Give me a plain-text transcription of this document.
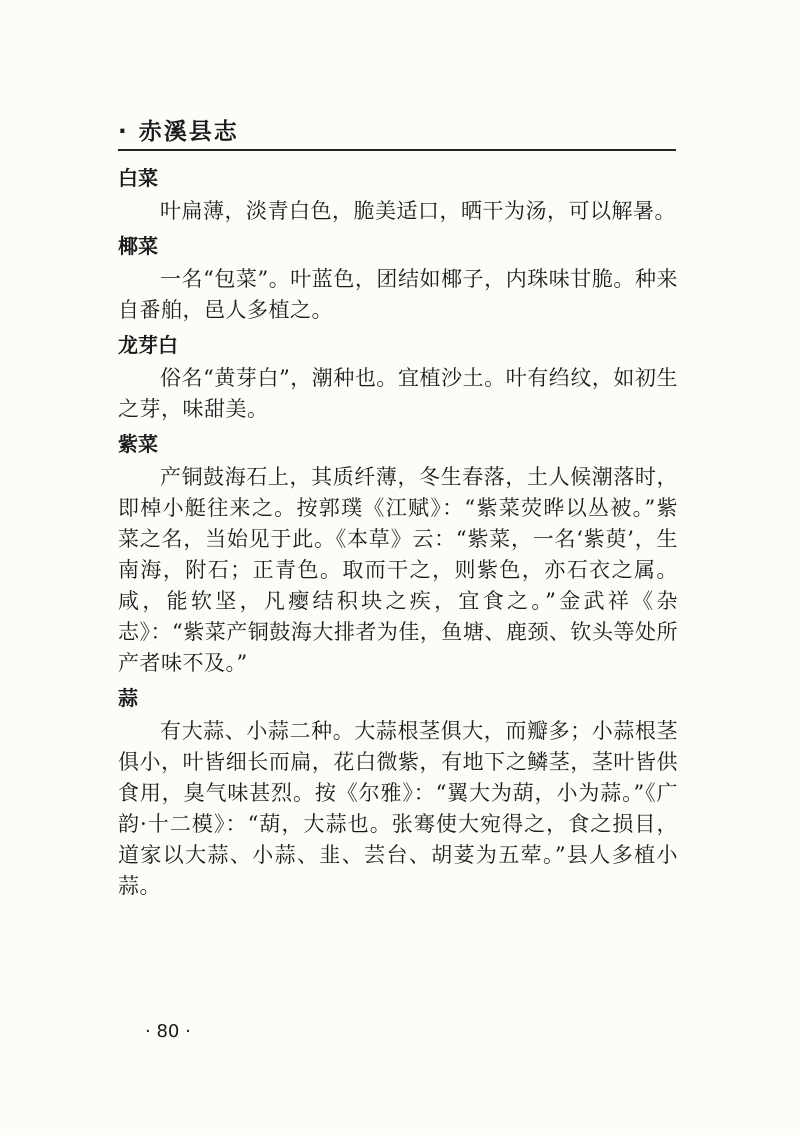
· 赤溪县志
白菜

叶扁薄，淡青白色，脆美适口，晒干为汤，可以解暑。

椰菜

一名“包菜”。叶蓝色，团结如椰子，内珠味甘脆。种来自番舶，邑人多植之。

龙芽白

俗名“黄芽白”，潮种也。宜植沙土。叶有绉纹，如初生之芽，味甜美。

紫菜

产铜鼓海石上，其质纤薄，冬生春落，土人候潮落时，即棹小艇往来之。按郭璞《江赋》：“紫菜荧晔以丛被。”紫菜之名，当始见于此。《本草》云：“紫菜，一名‘紫萸’，生南海，附石；正青色。取而干之，则紫色，亦石衣之属。咸，能软坚，凡瘿结积块之疾，宜食之。”金武祥《杂志》：“紫菜产铜鼓海大排者为佳，鱼塘、鹿颈、钦头等处所产者味不及。”

蒜

有大蒜、小蒜二种。大蒜根茎俱大，而瓣多；小蒜根茎俱小，叶皆细长而扁，花白微紫，有地下之鳞茎，茎叶皆供食用，臭气味甚烈。按《尔雅》：“翼大为葫，小为蒜。”《广韵·十二模》：“葫，大蒜也。张骞使大宛得之，食之损目，道家以大蒜、小蒜、韭、芸台、胡荽为五荤。”县人多植小蒜。

· 80 ·
